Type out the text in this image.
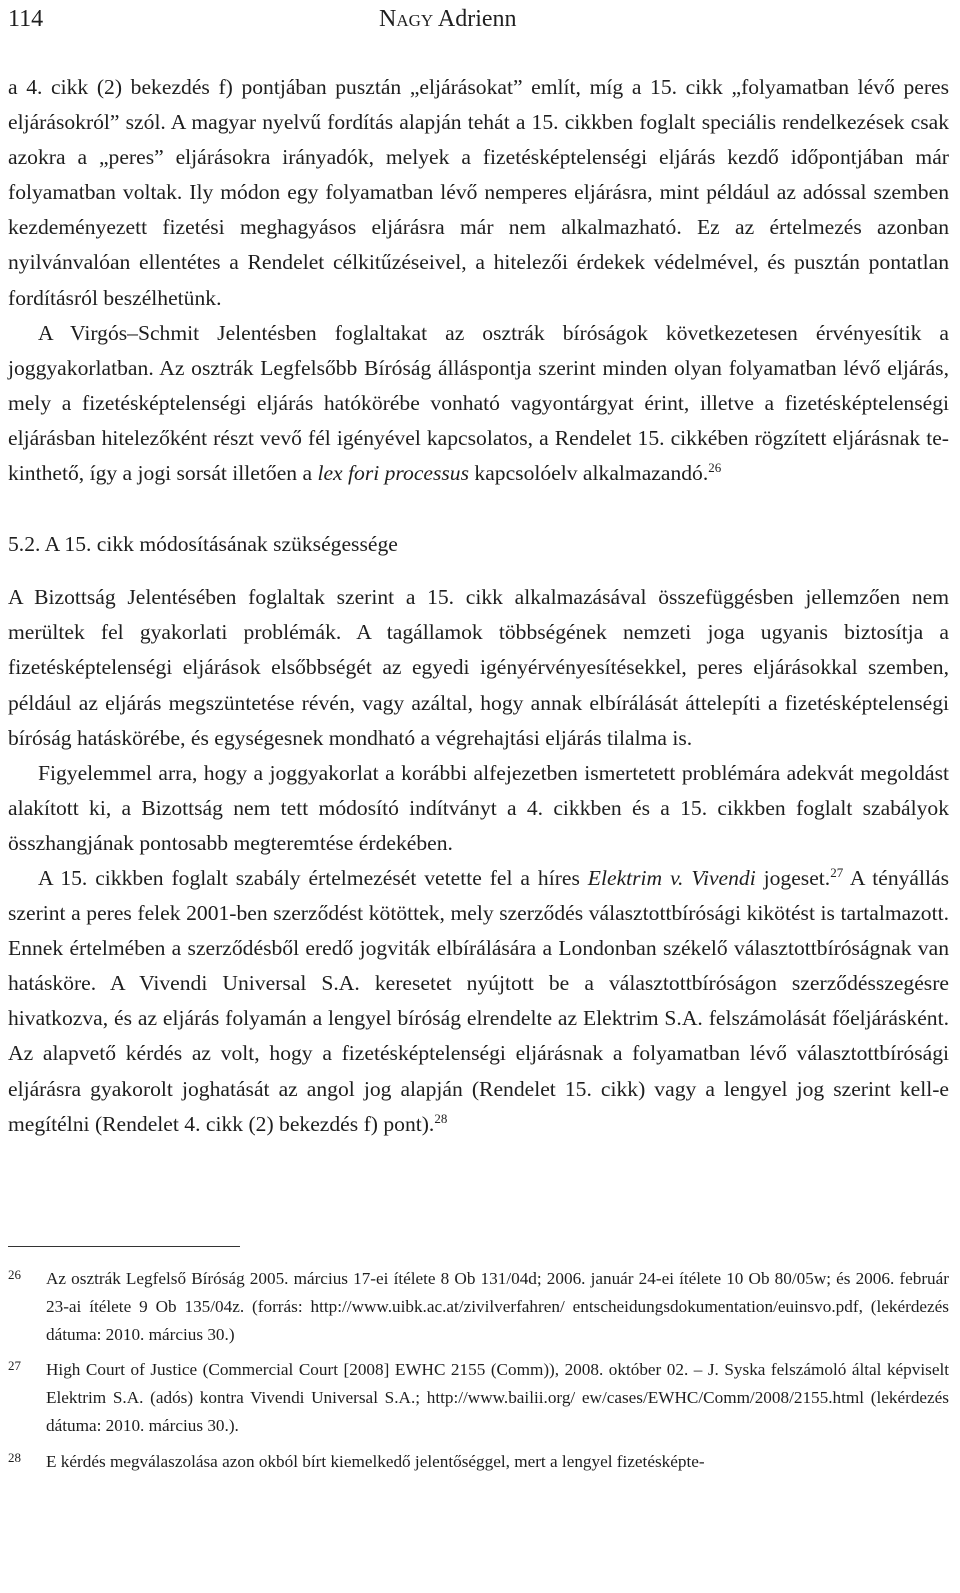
114	Nagy Adrienn

a 4. cikk (2) bekezdés f) pontjában pusztán „eljárásokat” említ, míg a 15. cikk „folyamatban lévő peres eljárásokról” szól. A magyar nyelvű fordítás alapján tehát a 15. cikkben foglalt speciális rendelkezések csak azokra a „peres” eljárásokra irányadók, melyek a fizetésképtelenségi eljárás kezdő időpontjában már folyamatban voltak. Ily módon egy folyamatban lévő nemperes eljárásra, mint például az adóssal szemben kezdeményezett fizetési meghagyásos eljárásra már nem alkalmazható. Ez az értelmezés azonban nyilvánvalóan ellentétes a Rendelet célkitűzéseivel, a hitelezői érdekek védelmével, és pusztán pontatlan fordításról beszélhetünk.

A Virgós–Schmit Jelentésben foglaltakat az osztrák bíróságok következetesen érvényesítik a joggyakorlatban. Az osztrák Legfelsőbb Bíróság álláspontja szerint minden olyan folyamatban lévő eljárás, mely a fizetésképtelenségi eljárás hatókörébe vonható vagyontárgyat érint, illetve a fizetésképtelenségi eljárásban hitelezőként részt vevő fél igényével kapcsolatos, a Rendelet 15. cikkében rögzített eljárásnak tekinthető, így a jogi sorsát illetően a lex fori processus kapcsolóelv alkalmazandó.$^{26}$

5.2. A 15. cikk módosításának szükségessége

A Bizottság Jelentésében foglaltak szerint a 15. cikk alkalmazásával összefüggésben jellemzően nem merültek fel gyakorlati problémák. A tagállamok többségének nemzeti joga ugyanis biztosítja a fizetésképtelenségi eljárások elsőbbségét az egyedi igényérvényesítésekkel, peres eljárásokkal szemben, például az eljárás megszüntetése révén, vagy azáltal, hogy annak elbírálását áttelepíti a fizetésképtelenségi bíróság hatáskörébe, és egységesnek mondható a végrehajtási eljárás tilalma is.

Figyelemmel arra, hogy a joggyakorlat a korábbi alfejezetben ismertetett problémára adekvát megoldást alakított ki, a Bizottság nem tett módosító indítványt a 4. cikkben és a 15. cikkben foglalt szabályok összhangjának pontosabb megteremtése érdekében.

A 15. cikkben foglalt szabály értelmezését vetette fel a híres Elektrim v. Vivendi jogeset.$^{27}$ A tényállás szerint a peres felek 2001-ben szerződést kötöttek, mely szerződés választottbírósági kikötést is tartalmazott. Ennek értelmében a szerződésből eredő jogviták elbírálására a Londonban székelő választottbíróságnak van hatásköre. A Vivendi Universal S.A. keresetet nyújtott be a választottbíróságon szerződésszegésre hivatkozva, és az eljárás folyamán a lengyel bíróság elrendelte az Elektrim S.A. felszámolását főeljárásként. Az alapvető kérdés az volt, hogy a fizetésképtelenségi eljárásnak a folyamatban lévő választottbírósági eljárásra gyakorolt joghatását az angol jog alapján (Rendelet 15. cikk) vagy a lengyel jog szerint kell-e megítélni (Rendelet 4. cikk (2) bekezdés f) pont).$^{28}$

26 Az osztrák Legfelső Bíróság 2005. március 17-ei ítélete 8 Ob 131/04d; 2006. január 24-ei ítélete 10 Ob 80/05w; és 2006. február 23-ai ítélete 9 Ob 135/04z. (forrás: http://www.uibk.ac.at/zivilverfahren/ entscheidungsdokumentation/euinsvo.pdf, (lekérdezés dátuma: 2010. március 30.)
27 High Court of Justice (Commercial Court [2008] EWHC 2155 (Comm)), 2008. október 02. – J. Syska felszámoló által képviselt Elektrim S.A. (adós) kontra Vivendi Universal S.A.; http://www.bailii.org/ ew/cases/EWHC/Comm/2008/2155.html (lekérdezés dátuma: 2010. március 30.).
28 E kérdés megválaszolása azon okból bírt kiemelkedő jelentőséggel, mert a lengyel fizetésképte-
